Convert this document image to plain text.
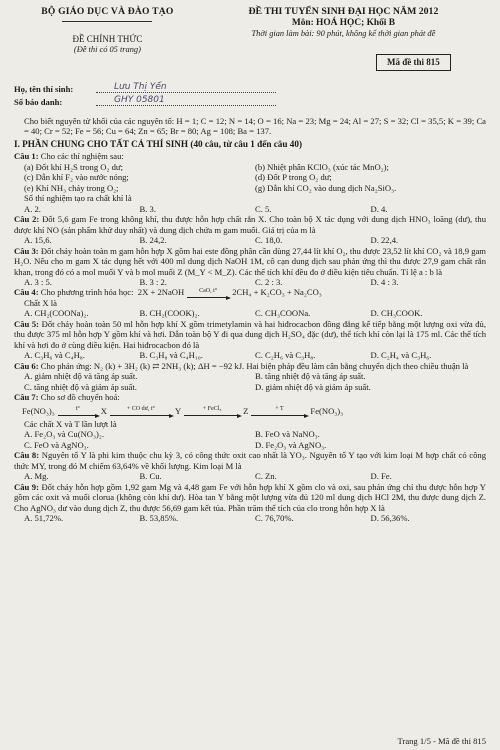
BỘ GIÁO DỤC VÀ ĐÀO TẠO
ĐỀ CHÍNH THỨC
(Đề thi có 05 trang)
ĐỀ THI TUYỂN SINH ĐẠI HỌC NĂM 2012
Môn: HOÁ HỌC; Khối B
Thời gian làm bài: 90 phút, không kể thời gian phát đề
Mã đề thi 815
Họ, tên thí sinh:	Lưu Thị Yến
Số báo danh:	GHY 05801

Cho biết nguyên tử khối của các nguyên tố: H = 1; C = 12; N = 14; O = 16; Na = 23; Mg = 24; Al = 27; S = 32; Cl = 35,5; K = 39; Ca = 40; Cr = 52; Fe = 56; Cu = 64; Zn = 65; Br = 80; Ag = 108; Ba = 137.

I. PHẦN CHUNG CHO TẤT CẢ THÍ SINH (40 câu, từ câu 1 đến câu 40)

Câu 1: Cho các thí nghiệm sau:

(a) Đốt khí H₂S trong O₂ dư;	(b) Nhiệt phân KClO₃ (xúc tác MnO₂);
(c) Dẫn khí F₂ vào nước nóng;	(d) Đốt P trong O₂ dư;
(e) Khí NH₃ cháy trong O₂;	(g) Dẫn khí CO₂ vào dung dịch Na₂SiO₃.

Số thí nghiệm tạo ra chất khí là

A. 2.	B. 3.	C. 5.	D. 4.

Câu 2: Đốt 5,6 gam Fe trong không khí, thu được hỗn hợp chất rắn X. Cho toàn bộ X tác dụng với dung dịch HNO₃ loãng (dư), thu được khí NO (sản phẩm khử duy nhất) và dung dịch chứa m gam muối. Giá trị của m là

A. 15,6.	B. 24,2.	C. 18,0.	D. 22,4.

Câu 3: Đốt cháy hoàn toàn m gam hỗn hợp X gồm hai este đồng phân cần dùng 27,44 lít khí O₂, thu được 23,52 lít khí CO₂ và 18,9 gam H₂O. Nếu cho m gam X tác dụng hết với 400 ml dung dịch NaOH 1M, cô cạn dung dịch sau phản ứng thì thu được 27,9 gam chất rắn khan, trong đó có a mol muối Y và b mol muối Z (M_Y < M_Z). Các thể tích khí đều đo ở điều kiện tiêu chuẩn. Tỉ lệ a : b là

A. 3 : 5.	B. 3 : 2.	C. 2 : 3.	D. 4 : 3.
Câu 4:
Cho phương trình hóa học:
2X + 2NaOH	CaO, t°	2CH₄ + K₂CO₃ + Na₂CO₃

Chất X là

A. CH₂(COONa)₂.	B. CH₂(COOK)₂.	C. CH₃COONa.	D. CH₃COOK.

Câu 5: Đốt cháy hoàn toàn 50 ml hỗn hợp khí X gồm trimetylamin và hai hiđrocacbon đồng đẳng kế tiếp bằng một lượng oxi vừa đủ, thu được 375 ml hỗn hợp Y gồm khí và hơi. Dẫn toàn bộ Y đi qua dung dịch H₂SO₄ đặc (dư), thể tích khí còn lại là 175 ml. Các thể tích khí và hơi đo ở cùng điều kiện. Hai hiđrocacbon đó là

A. C₃H₆ và C₄H₈.	B. C₃H₈ và C₄H₁₀.	C. C₂H₆ và C₃H₈.	D. C₂H₄ và C₃H₆.

Câu 6: Cho phản ứng: N₂ (k) + 3H₂ (k) ⇄ 2NH₃ (k); ΔH = −92 kJ. Hai biện pháp đều làm cân bằng chuyển dịch theo chiều thuận là

A. giảm nhiệt độ và tăng áp suất.	B. tăng nhiệt độ và tăng áp suất.
C. tăng nhiệt độ và giảm áp suất.	D. giảm nhiệt độ và giảm áp suất.

Câu 7: Cho sơ đồ chuyển hoá:

Fe(NO₃)₃	t°	X	+ CO dư, t°	Y	+ FeCl₃	Z	+ T	Fe(NO₃)₃

Các chất X và T lần lượt là

A. Fe₂O₃ và Cu(NO₃)₂.	B. FeO và NaNO₃.
C. FeO và AgNO₃.	D. Fe₂O₃ và AgNO₃.

Câu 8: Nguyên tố Y là phi kim thuộc chu kỳ 3, có công thức oxit cao nhất là YO₃. Nguyên tố Y tạo với kim loại M hợp chất có công thức MY, trong đó M chiếm 63,64% về khối lượng. Kim loại M là

A. Mg.	B. Cu.	C. Zn.	D. Fe.

Câu 9: Đốt cháy hỗn hợp gồm 1,92 gam Mg và 4,48 gam Fe với hỗn hợp khí X gồm clo và oxi, sau phản ứng chỉ thu được hỗn hợp Y gồm các oxit và muối clorua (không còn khí dư). Hòa tan Y bằng một lượng vừa đủ 120 ml dung dịch HCl 2M, thu được dung dịch Z. Cho AgNO₃ dư vào dung dịch Z, thu được 56,69 gam kết tủa. Phần trăm thể tích của clo trong hỗn hợp X là

A. 51,72%.	B. 53,85%.	C. 76,70%.	D. 56,36%.
Trang 1/5 - Mã đề thi 815
